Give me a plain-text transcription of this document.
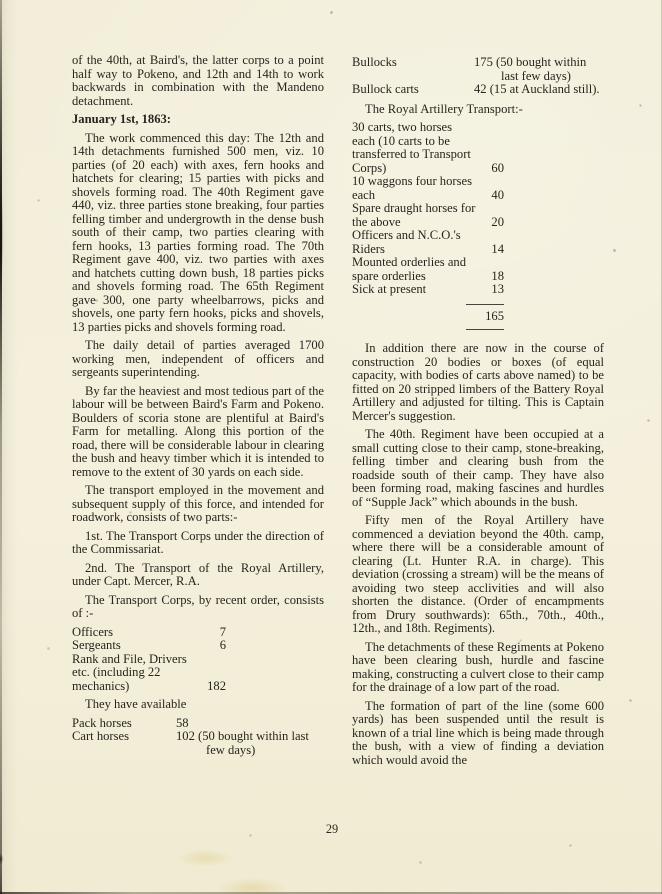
of the 40th, at Baird's, the latter corps to a point half way to Pokeno, and 12th and 14th to work backwards in combination with the Mandeno detachment.

January 1st, 1863:

The work commenced this day: The 12th and 14th detachments furnished 500 men, viz. 10 parties (of 20 each) with axes, fern hooks and hatchets for clearing; 15 parties with picks and shovels forming road. The 40th Regiment gave 440, viz. three parties stone breaking, four parties felling timber and undergrowth in the dense bush south of their camp, two parties clearing with fern hooks, 13 parties forming road. The 70th Regiment gave 400, viz. two parties with axes and hatchets cutting down bush, 18 parties picks and shovels forming road. The 65th Regiment gave 300, one party wheelbarrows, picks and shovels, one party fern hooks, picks and shovels, 13 parties picks and shovels forming road.

The daily detail of parties averaged 1700 working men, independent of officers and sergeants superintending.

By far the heaviest and most tedious part of the labour will be between Baird's Farm and Pokeno. Boulders of scoria stone are plentiful at Baird's Farm for metalling. Along this portion of the road, there will be considerable labour in clearing the bush and heavy timber which it is intended to remove to the extent of 30 yards on each side.

The transport employed in the movement and subsequent supply of this force, and intended for roadwork, consists of two parts:-

1st. The Transport Corps under the direction of the Commissariat.

2nd. The Transport of the Royal Artillery, under Capt. Mercer, R.A.

The Transport Corps, by recent order, consists of :-

Officers	7
Sergeants	6
Rank and File, Drivers etc. (including 22 mechanics)	182

They have available

Pack horses	58
Cart horses	102 (50 bought within last few days)
Bullocks	175 (50 bought within last few days)
Bullock carts	42 (15 at Auckland still).

The Royal Artillery Transport:-

30 carts, two horses each (10 carts to be transferred to Transport Corps)	60
10 waggons four horses each	40
Spare draught horses for the above	20
Officers and N.C.O.'s Riders	14
Mounted orderlies and spare orderlies	18
Sick at present	13
165

In addition there are now in the course of construction 20 bodies or boxes (of equal capacity, with bodies of carts above named) to be fitted on 20 stripped limbers of the Battery Royal Artillery and adjusted for tilting. This is Captain Mercer's suggestion.

The 40th. Regiment have been occupied at a small cutting close to their camp, stone-breaking, felling timber and clearing bush from the roadside south of their camp. They have also been forming road, making fascines and hurdles of “Supple Jack” which abounds in the bush.

Fifty men of the Royal Artillery have commenced a deviation beyond the 40th. camp, where there will be a considerable amount of clearing (Lt. Hunter R.A. in charge). This deviation (crossing a stream) will be the means of avoiding two steep acclivities and will also shorten the distance. (Order of encampments from Drury southwards): 65th., 70th., 40th., 12th., and 18th. Regiments).

The detachments of these Regiments at Pokeno have been clearing bush, hurdle and fascine making, constructing a culvert close to their camp for the drainage of a low part of the road.

The formation of part of the line (some 600 yards) has been suspended until the result is known of a trial line which is being made through the bush, with a view of finding a deviation which would avoid the

29
